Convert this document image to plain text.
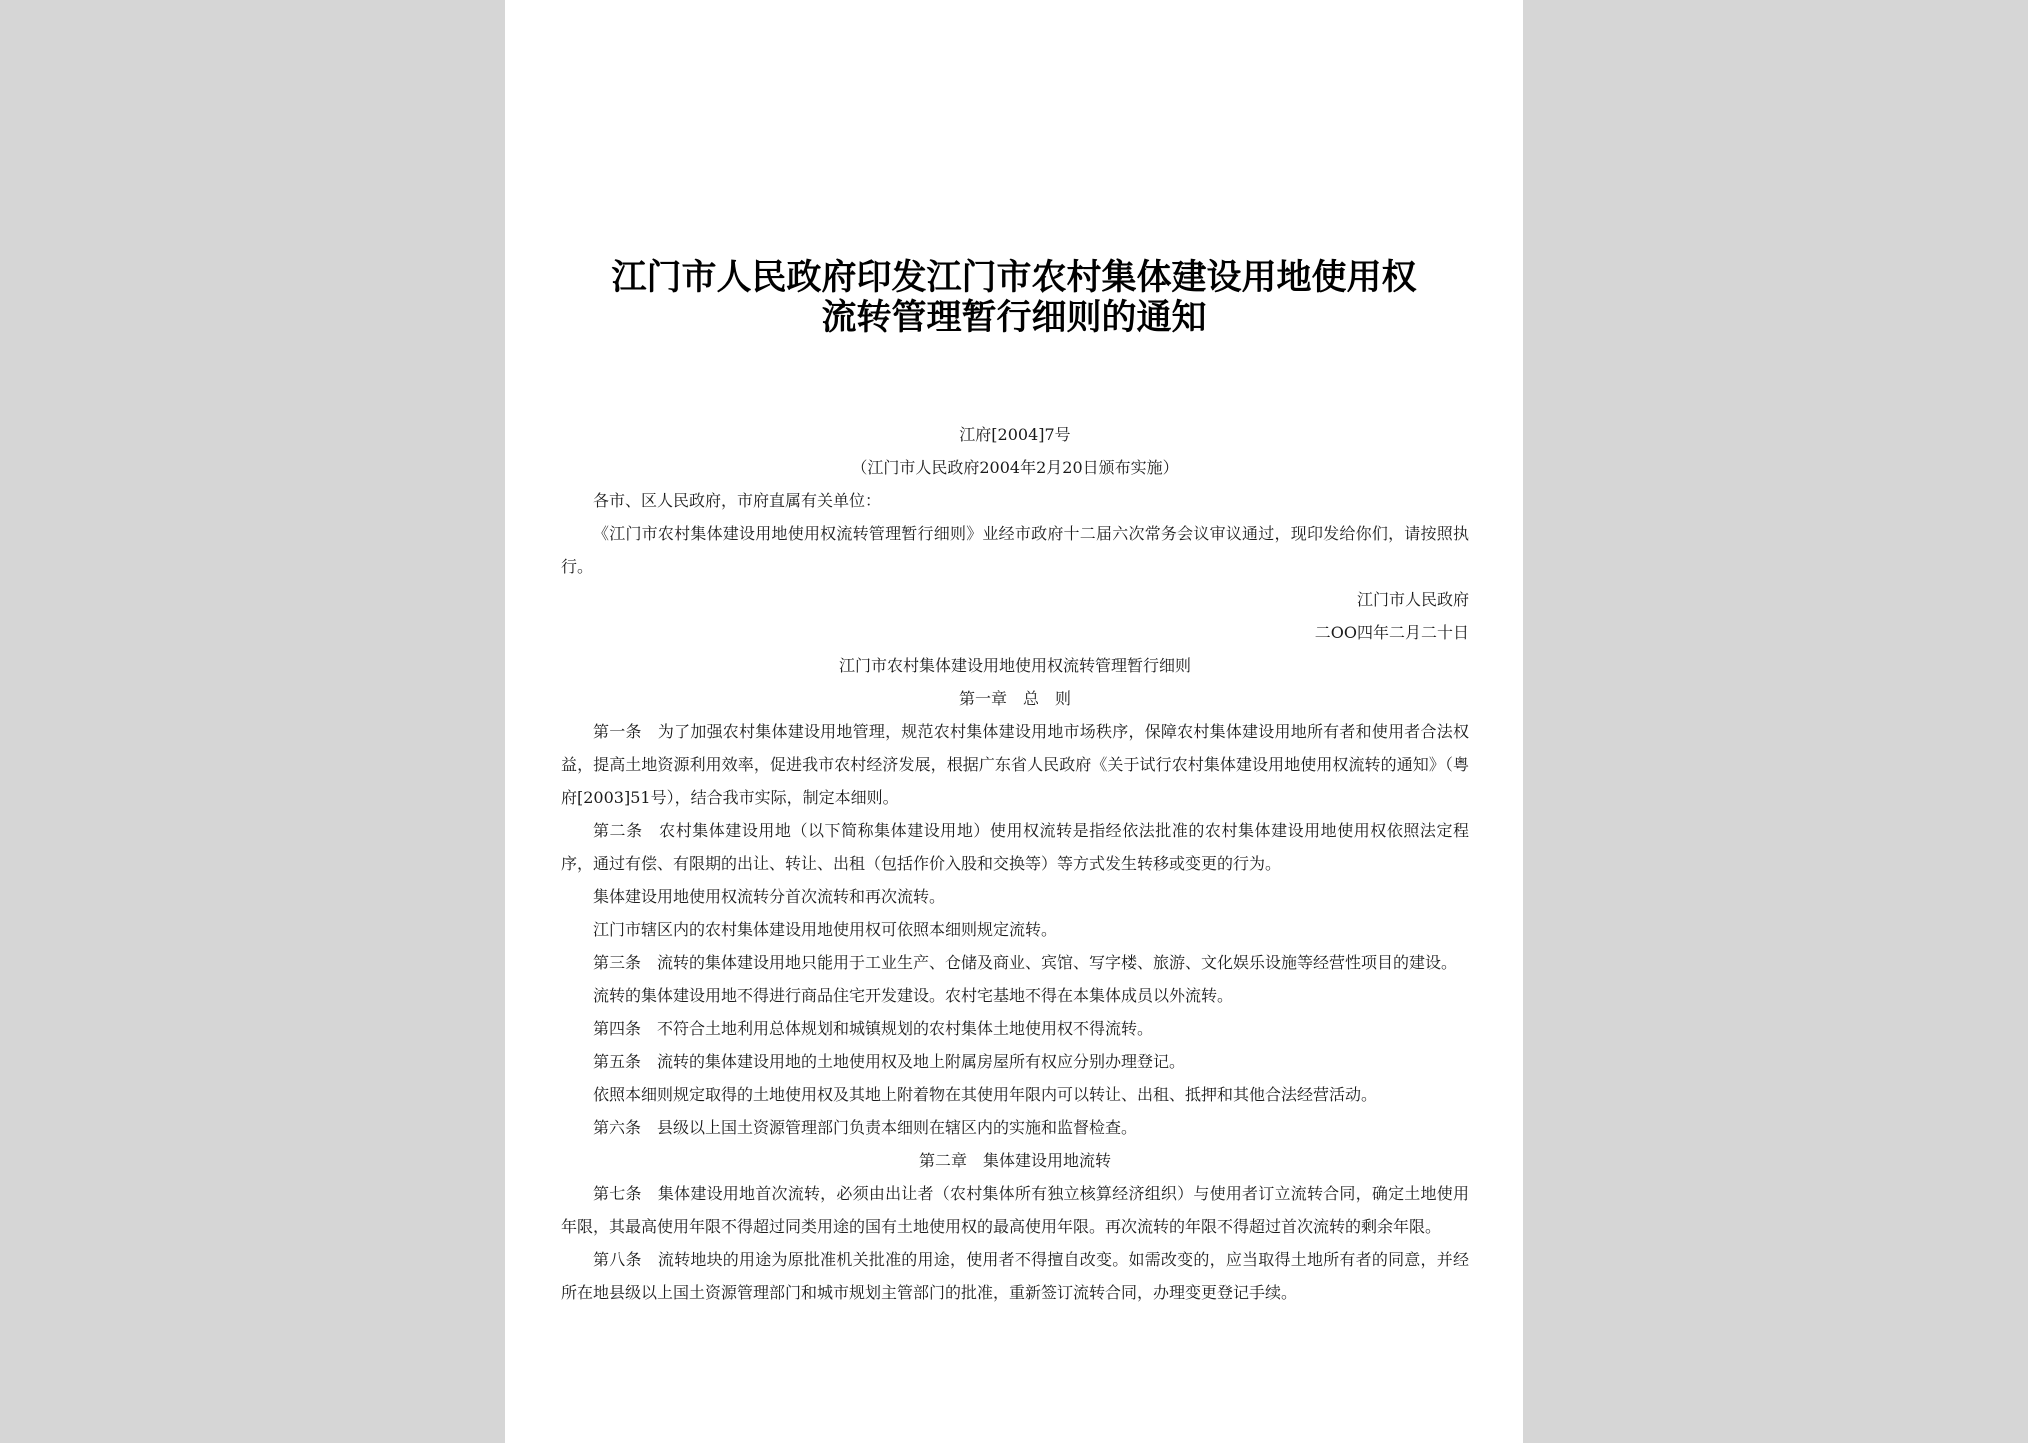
江门市人民政府印发江门市农村集体建设用地使用权
流转管理暂行细则的通知

江府[2004]7号

（江门市人民政府2004年2月20日颁布实施）

各市、区人民政府，市府直属有关单位：

《江门市农村集体建设用地使用权流转管理暂行细则》业经市政府十二届六次常务会议审议通过，现印发给你们，请按照执行。

江门市人民政府

二OO四年二月二十日

江门市农村集体建设用地使用权流转管理暂行细则

第一章　总　则

第一条　为了加强农村集体建设用地管理，规范农村集体建设用地市场秩序，保障农村集体建设用地所有者和使用者合法权益，提高土地资源利用效率，促进我市农村经济发展，根据广东省人民政府《关于试行农村集体建设用地使用权流转的通知》（粤府[2003]51号），结合我市实际，制定本细则。

第二条　农村集体建设用地（以下简称集体建设用地）使用权流转是指经依法批准的农村集体建设用地使用权依照法定程序，通过有偿、有限期的出让、转让、出租（包括作价入股和交换等）等方式发生转移或变更的行为。

集体建设用地使用权流转分首次流转和再次流转。

江门市辖区内的农村集体建设用地使用权可依照本细则规定流转。

第三条　流转的集体建设用地只能用于工业生产、仓储及商业、宾馆、写字楼、旅游、文化娱乐设施等经营性项目的建设。

流转的集体建设用地不得进行商品住宅开发建设。农村宅基地不得在本集体成员以外流转。

第四条　不符合土地利用总体规划和城镇规划的农村集体土地使用权不得流转。

第五条　流转的集体建设用地的土地使用权及地上附属房屋所有权应分别办理登记。

依照本细则规定取得的土地使用权及其地上附着物在其使用年限内可以转让、出租、抵押和其他合法经营活动。

第六条　县级以上国土资源管理部门负责本细则在辖区内的实施和监督检查。

第二章　集体建设用地流转

第七条　集体建设用地首次流转，必须由出让者（农村集体所有独立核算经济组织）与使用者订立流转合同，确定土地使用年限，其最高使用年限不得超过同类用途的国有土地使用权的最高使用年限。再次流转的年限不得超过首次流转的剩余年限。

第八条　流转地块的用途为原批准机关批准的用途，使用者不得擅自改变。如需改变的，应当取得土地所有者的同意，并经所在地县级以上国土资源管理部门和城市规划主管部门的批准，重新签订流转合同，办理变更登记手续。
